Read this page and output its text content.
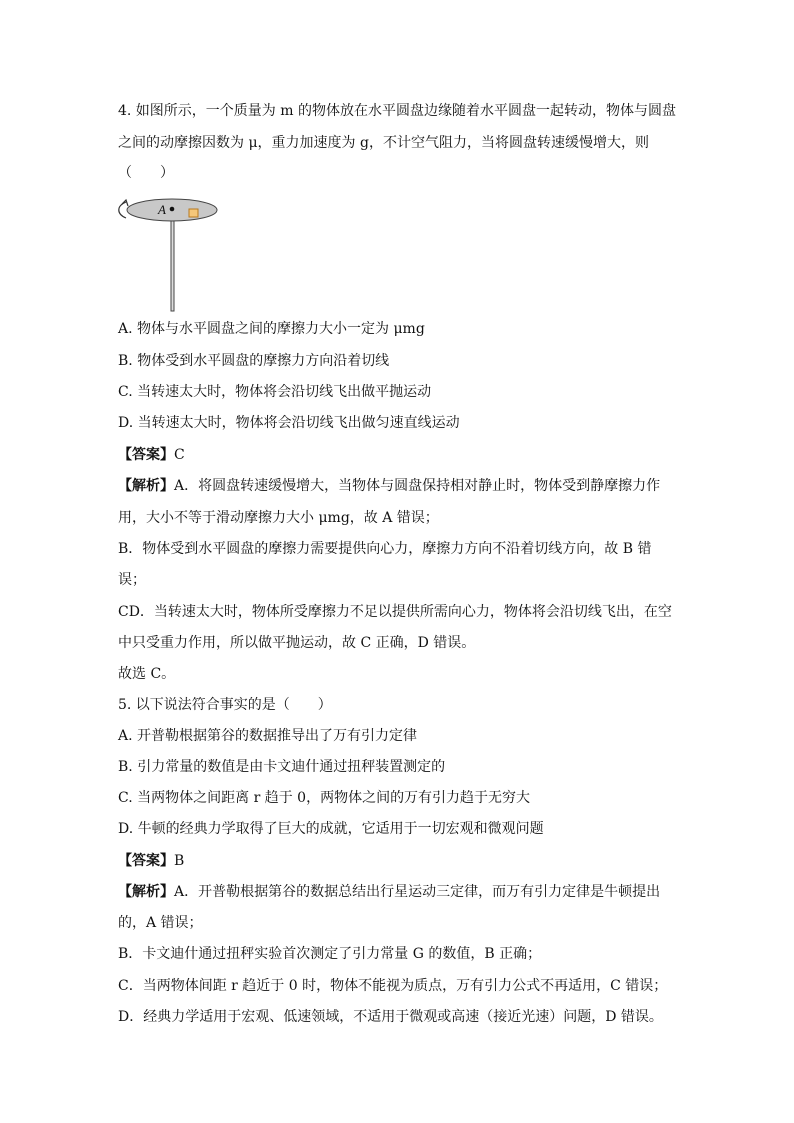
4. 如图所示，一个质量为 m 的物体放在水平圆盘边缘随着水平圆盘一起转动，物体与圆盘
之间的动摩擦因数为 μ，重力加速度为 g，不计空气阻力，当将圆盘转速缓慢增大，则
（　　）
A
A. 物体与水平圆盘之间的摩擦力大小一定为 μmg
B. 物体受到水平圆盘的摩擦力方向沿着切线
C. 当转速太大时，物体将会沿切线飞出做平抛运动
D. 当转速太大时，物体将会沿切线飞出做匀速直线运动
【答案】C
【解析】A．将圆盘转速缓慢增大，当物体与圆盘保持相对静止时，物体受到静摩擦力作
用，大小不等于滑动摩擦力大小 μmg，故 A 错误；
B．物体受到水平圆盘的摩擦力需要提供向心力，摩擦力方向不沿着切线方向，故 B 错
误；
CD．当转速太大时，物体所受摩擦力不足以提供所需向心力，物体将会沿切线飞出，在空
中只受重力作用，所以做平抛运动，故 C 正确，D 错误。
故选 C。
5. 以下说法符合事实的是（　　）
A. 开普勒根据第谷的数据推导出了万有引力定律
B. 引力常量的数值是由卡文迪什通过扭秤装置测定的
C. 当两物体之间距离 r 趋于 0，两物体之间的万有引力趋于无穷大
D. 牛顿的经典力学取得了巨大的成就，它适用于一切宏观和微观问题
【答案】B
【解析】A．开普勒根据第谷的数据总结出行星运动三定律，而万有引力定律是牛顿提出
的，A 错误；
B．卡文迪什通过扭秤实验首次测定了引力常量 G 的数值，B 正确；
C．当两物体间距 r 趋近于 0 时，物体不能视为质点，万有引力公式不再适用，C 错误；
D．经典力学适用于宏观、低速领域，不适用于微观或高速（接近光速）问题，D 错误。
